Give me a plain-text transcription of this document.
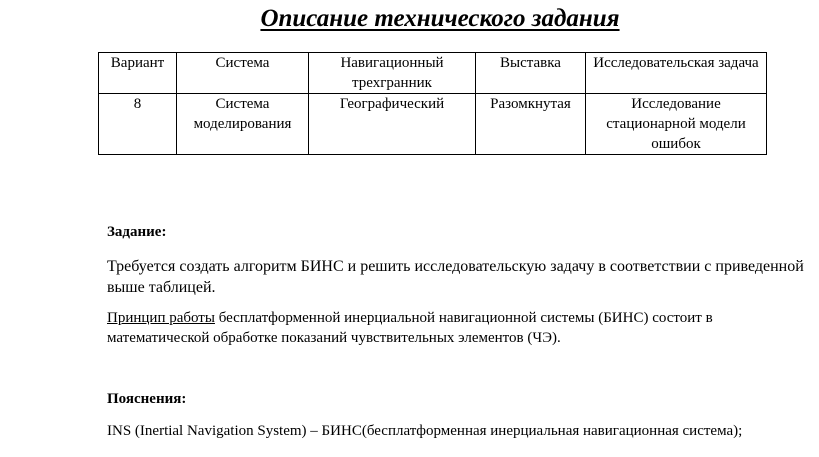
Описание технического задания
Вариант	Система	Навигационный трехгранник	Выставка	Исследовательская задача
8	Система моделирования	Географический	Разомкнутая	Исследование стационарной модели ошибок
Задание:
Требуется создать алгоритм БИНС и решить исследовательскую задачу в соответствии с приведенной выше таблицей.
Принцип работы бесплатформенной инерциальной навигационной системы (БИНС) состоит в математической обработке показаний чувствительных элементов (ЧЭ).
Пояснения:
INS (Inertial Navigation System) – БИНС(бесплатформенная инерциальная навигационная система);
